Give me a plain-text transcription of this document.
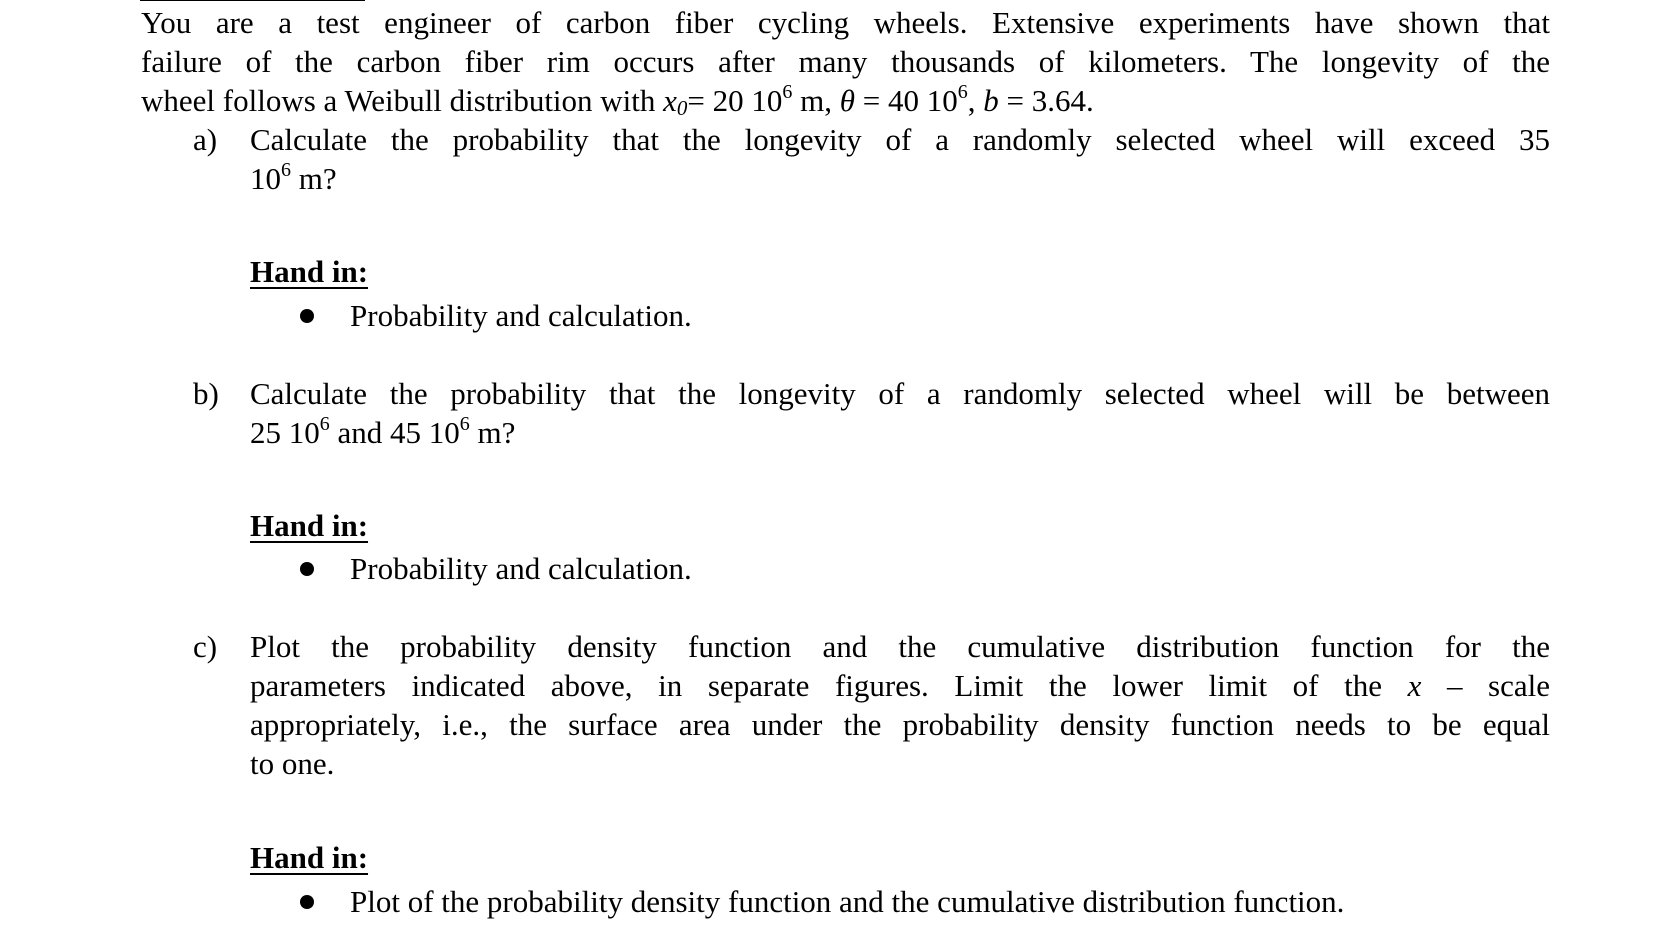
You are a test engineer of carbon fiber cycling wheels. Extensive experiments have shown that
failure of the carbon fiber rim occurs after many thousands of kilometers. The longevity of the
wheel follows a Weibull distribution with $x_0= 20$ $10^6$ m, θ = 40 $10^6$, b = 3.64.
a) Calculate the probability that the longevity of a randomly selected wheel will exceed 35
$10^6$ m?
Hand in:
Probability and calculation.
b) Calculate the probability that the longevity of a randomly selected wheel will be between
25 $10^6$ and 45 $10^6$ m?
Hand in:
Probability and calculation.
c) Plot the probability density function and the cumulative distribution function for the
parameters indicated above, in separate figures. Limit the lower limit of the x – scale
appropriately, i.e., the surface area under the probability density function needs to be equal
to one.
Hand in:
Plot of the probability density function and the cumulative distribution function.
